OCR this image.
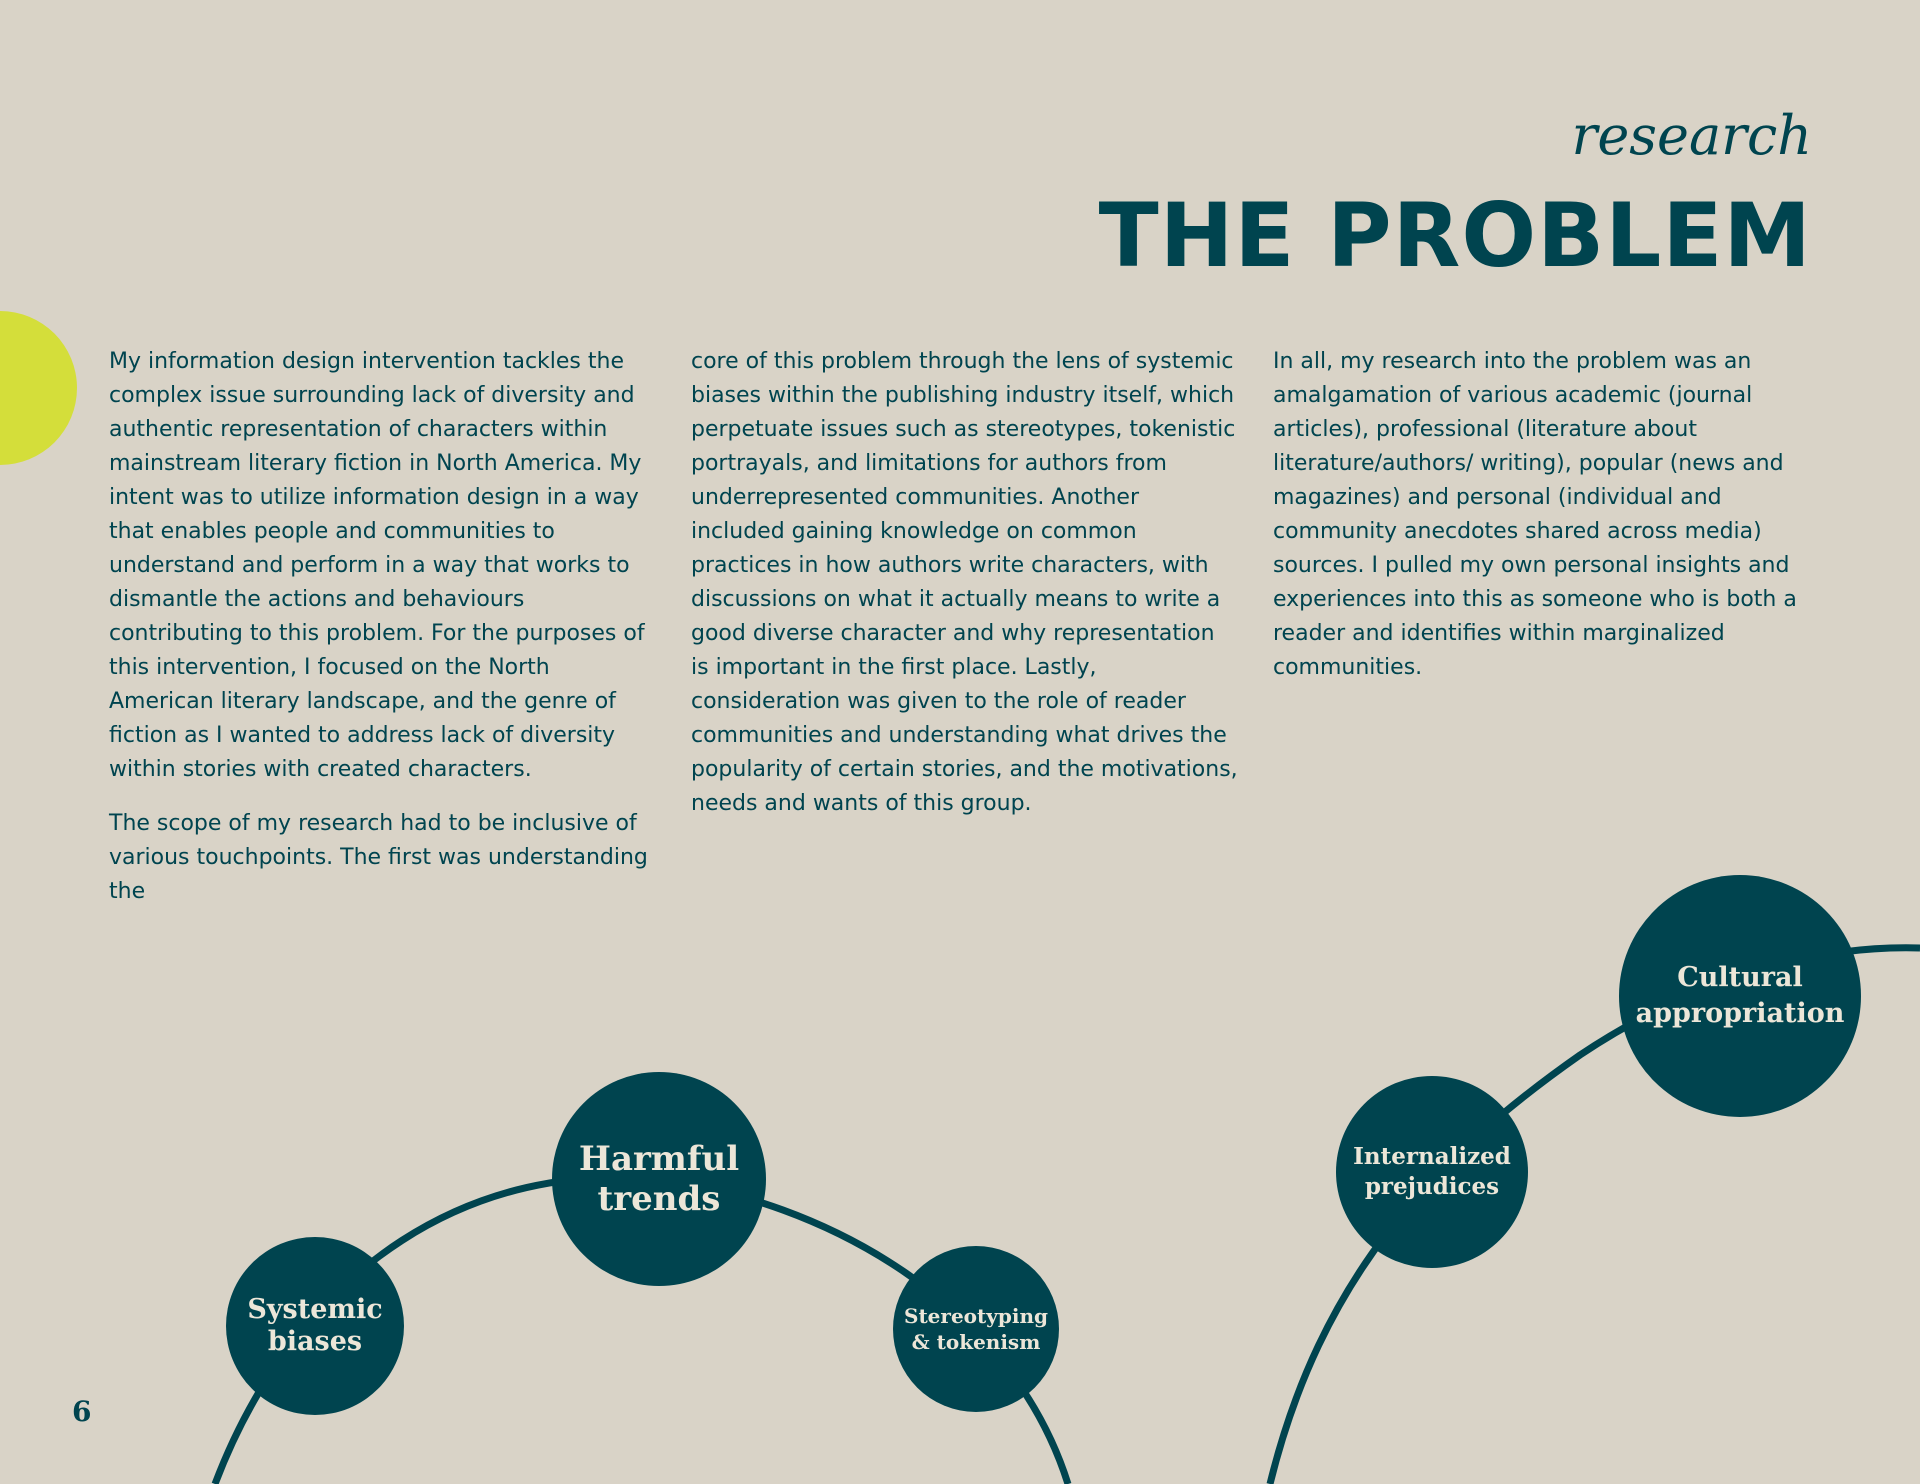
research
THE PROBLEM

My information design intervention tackles the complex issue surrounding lack of diversity and authentic representation of characters within mainstream literary fiction in North America. My intent was to utilize information design in a way that enables people and communities to understand and perform in a way that works to dismantle the actions and behaviours contributing to this problem. For the purposes of this intervention, I focused on the North American literary landscape, and the genre of fiction as I wanted to address lack of diversity within stories with created characters.

The scope of my research had to be inclusive of various touchpoints. The first was understanding the

core of this problem through the lens of systemic biases within the publishing industry itself, which perpetuate issues such as stereotypes, tokenistic portrayals, and limitations for authors from underrepresented communities. Another included gaining knowledge on common practices in how authors write characters, with discussions on what it actually means to write a good diverse character and why representation is important in the first place. Lastly, consideration was given to the role of reader communities and understanding what drives the popularity of certain stories, and the motivations, needs and wants of this group.

In all, my research into the problem was an amalgamation of various academic (journal articles), professional (literature about literature/authors/ writing), popular (news and magazines) and personal (individual and community anecdotes shared across media) sources. I pulled my own personal insights and experiences into this as someone who is both a reader and identifies within marginalized communities.

Systemic
biases
Harmful
trends
Stereotyping
& tokenism
Internalized
prejudices
Cultural
appropriation
6
